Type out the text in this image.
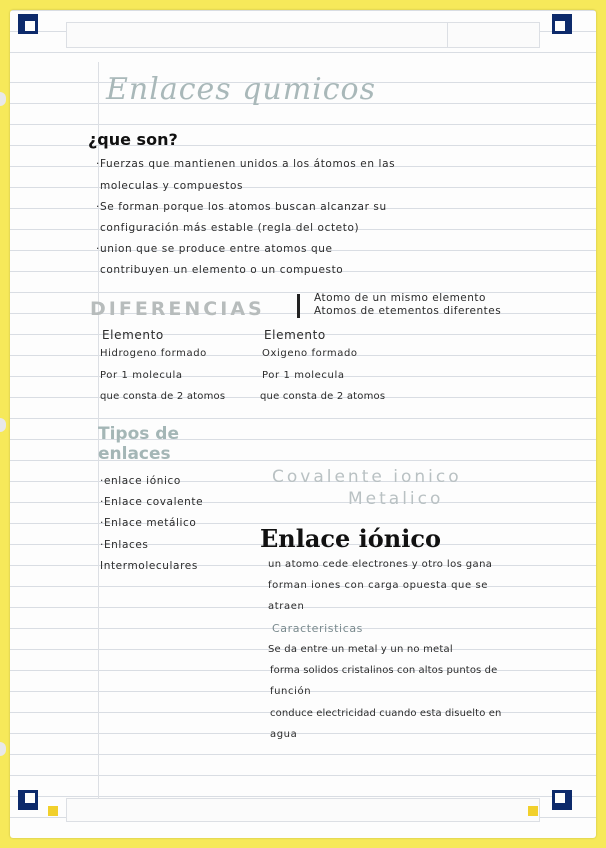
Enlaces qumicos
¿que son?
·Fuerzas que mantienen unidos a los átomos en las
moleculas y compuestos
·Se forman porque los atomos buscan alcanzar su
configuración más estable (regla del octeto)
·union que se produce entre atomos que
contribuyen un elemento o un compuesto
DIFERENCIAS	Atomo de un mismo elemento
Atomos de etementos diferentes
Elemento
Hidrogeno formado
Por 1 molecula
que consta de 2 atomos
Elemento
Oxigeno formado
Por 1 molecula
que consta de 2 atomos
Tipos de
enlaces
·enlace iónico
·Enlace covalente
·Enlace metálico
·Enlaces
Intermoleculares
Covalente ionico
Metalico
Enlace iónico
un atomo cede electrones y otro los gana
forman iones con carga opuesta que se
atraen
Caracteristicas
Se da entre un metal y un no metal
forma solidos cristalinos con altos puntos de
función
conduce electricidad cuando esta disuelto en
agua
